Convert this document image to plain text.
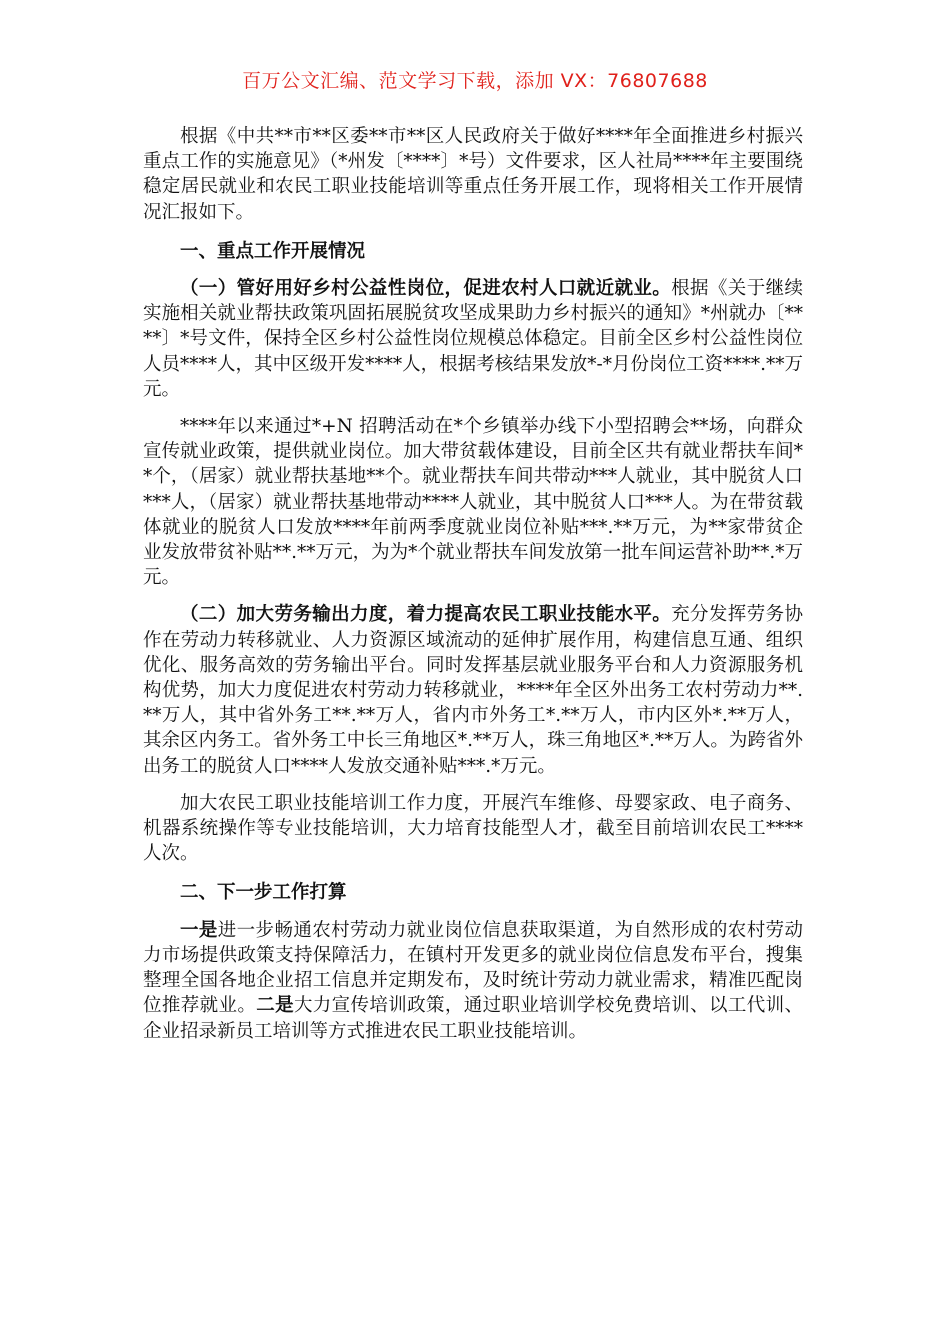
百万公文汇编、范文学习下载，添加 VX：76807688

根据《中共**市**区委**市**区人民政府关于做好****年全面推进乡村振兴重点工作的实施意见》（*州发〔****〕*号）文件要求，区人社局****年主要围绕稳定居民就业和农民工职业技能培训等重点任务开展工作，现将相关工作开展情况汇报如下。

一、重点工作开展情况

（一）管好用好乡村公益性岗位，促进农村人口就近就业。根据《关于继续实施相关就业帮扶政策巩固拓展脱贫攻坚成果助力乡村振兴的通知》*州就办〔****〕*号文件，保持全区乡村公益性岗位规模总体稳定。目前全区乡村公益性岗位人员****人，其中区级开发****人，根据考核结果发放*-*月份岗位工资****.**万元。

****年以来通过*+N 招聘活动在*个乡镇举办线下小型招聘会**场，向群众宣传就业政策，提供就业岗位。加大带贫载体建设，目前全区共有就业帮扶车间**个，（居家）就业帮扶基地**个。就业帮扶车间共带动***人就业，其中脱贫人口***人，（居家）就业帮扶基地带动****人就业，其中脱贫人口***人。为在带贫载体就业的脱贫人口发放****年前两季度就业岗位补贴***.**万元，为**家带贫企业发放带贫补贴**.**万元，为为*个就业帮扶车间发放第一批车间运营补助**.*万元。

（二）加大劳务输出力度，着力提高农民工职业技能水平。充分发挥劳务协作在劳动力转移就业、人力资源区域流动的延伸扩展作用，构建信息互通、组织优化、服务高效的劳务输出平台。同时发挥基层就业服务平台和人力资源服务机构优势，加大力度促进农村劳动力转移就业，****年全区外出务工农村劳动力**.**万人，其中省外务工**.**万人，省内市外务工*.**万人，市内区外*.**万人，其余区内务工。省外务工中长三角地区*.**万人，珠三角地区*.**万人。为跨省外出务工的脱贫人口****人发放交通补贴***.*万元。

加大农民工职业技能培训工作力度，开展汽车维修、母婴家政、电子商务、机器系统操作等专业技能培训，大力培育技能型人才，截至目前培训农民工****人次。

二、下一步工作打算

一是进一步畅通农村劳动力就业岗位信息获取渠道，为自然形成的农村劳动力市场提供政策支持保障活力，在镇村开发更多的就业岗位信息发布平台，搜集整理全国各地企业招工信息并定期发布，及时统计劳动力就业需求，精准匹配岗位推荐就业。二是大力宣传培训政策，通过职业培训学校免费培训、以工代训、企业招录新员工培训等方式推进农民工职业技能培训。
